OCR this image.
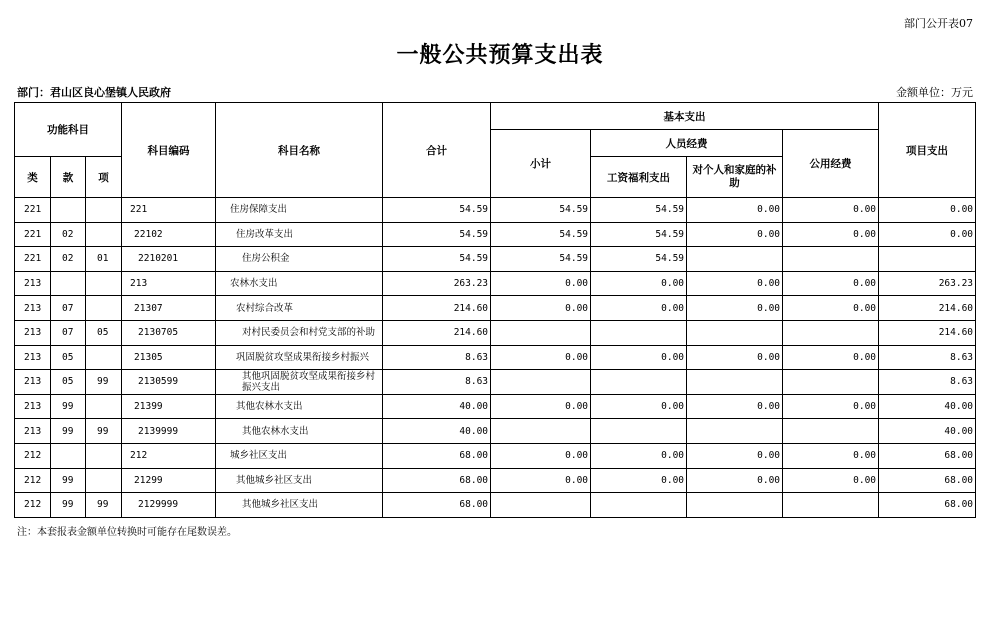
部门公开表07
一般公共预算支出表
部门：君山区良心堡镇人民政府	金额单位：万元
功能科目			科目编码	科目名称	合计	基本支出				项目支出
						小计	人员经费		公用经费	
类	款	项					工资福利支出	对个人和家庭的补助		
221			221	住房保障支出	54.59	54.59	54.59	0.00	0.00	0.00
221	02		22102	住房改革支出	54.59	54.59	54.59	0.00	0.00	0.00
221	02	01	2210201	住房公积金	54.59	54.59	54.59			
213			213	农林水支出	263.23	0.00	0.00	0.00	0.00	263.23
213	07		21307	农村综合改革	214.60	0.00	0.00	0.00	0.00	214.60
213	07	05	2130705	对村民委员会和村党支部的补助	214.60					214.60
213	05		21305	巩固脱贫攻坚成果衔接乡村振兴	8.63	0.00	0.00	0.00	0.00	8.63
213	05	99	2130599	其他巩固脱贫攻坚成果衔接乡村振兴支出	8.63					8.63
213	99		21399	其他农林水支出	40.00	0.00	0.00	0.00	0.00	40.00
213	99	99	2139999	其他农林水支出	40.00					40.00
212			212	城乡社区支出	68.00	0.00	0.00	0.00	0.00	68.00
212	99		21299	其他城乡社区支出	68.00	0.00	0.00	0.00	0.00	68.00
212	99	99	2129999	其他城乡社区支出	68.00					68.00
注：本套报表金额单位转换时可能存在尾数误差。
